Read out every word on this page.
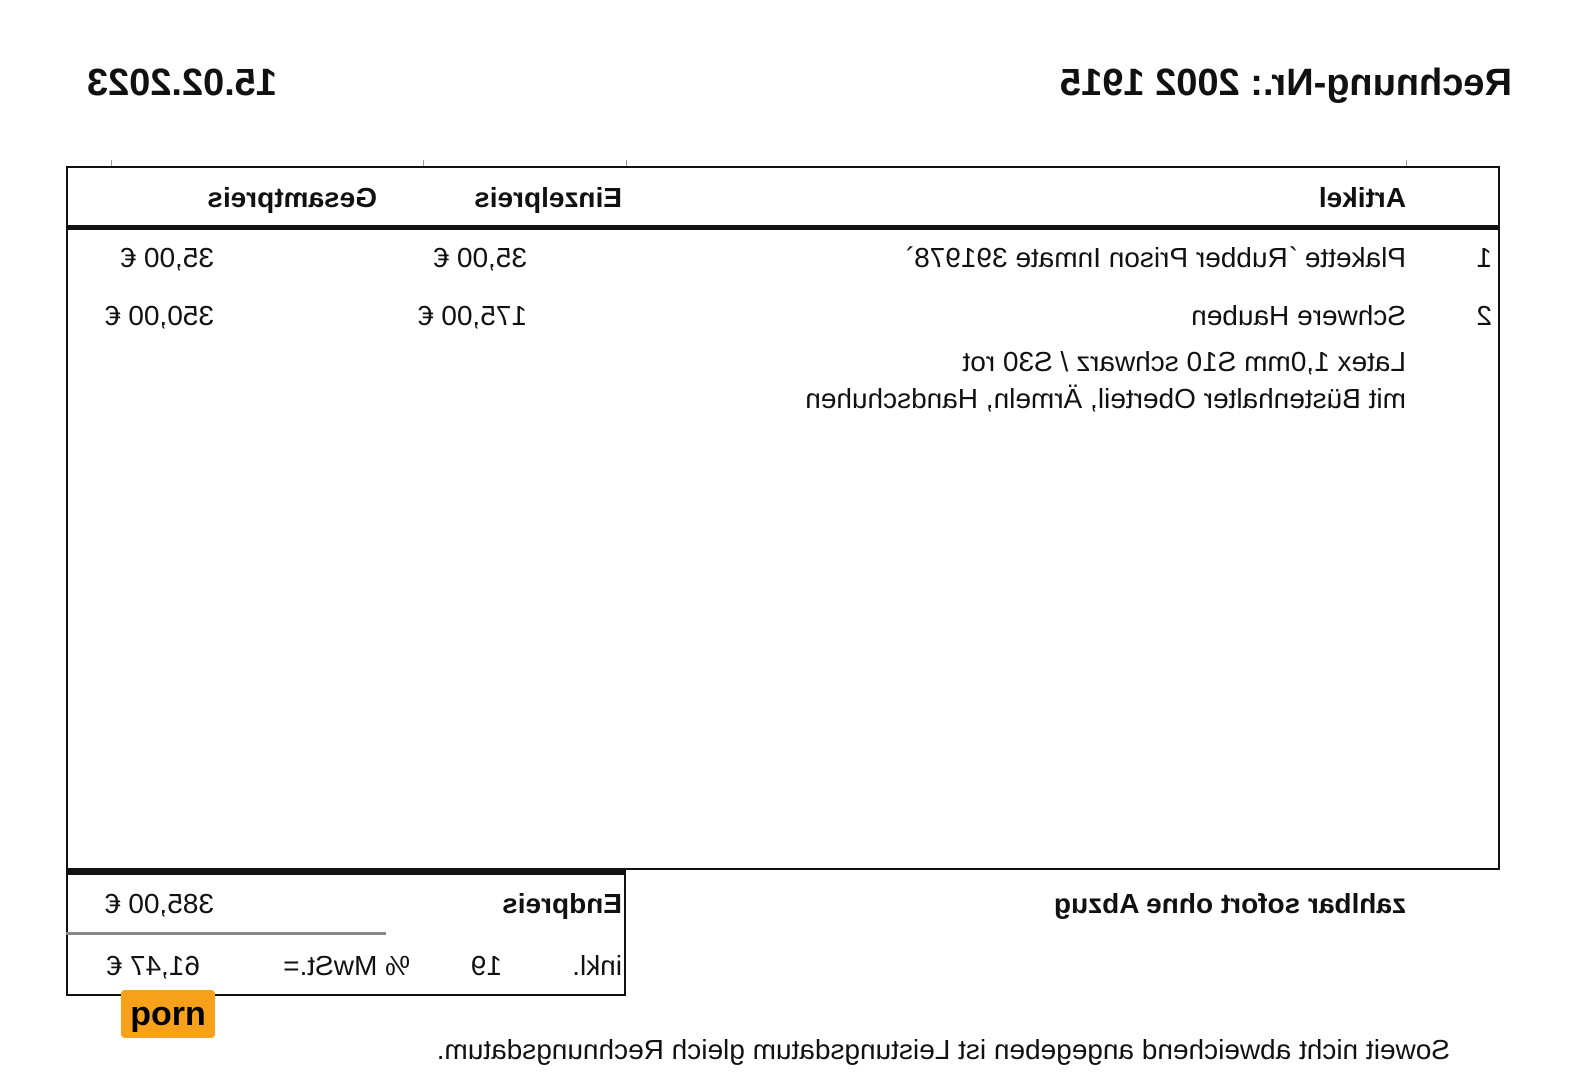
Rechnung-Nr.: 2002 1915
15.02.2023
Artikel
Einzelpreis
Gesamtpreis
1
Plakette ´Rubber Prison Inmate 391978`
35,00 €
35,00 €
2
Schwere Hauben
175,00 €
350,00 €
Latex 1,0mm S10 schwarz / S30 rot
mit Büstenhalter Oberteil, Ärmeln, Handschuhen
zahlbar sofort ohne Abzug
Endpreis
385,00 €
inkl.
19
% MwSt.=
61,47 €
porn
Soweit nicht abweichend angegeben ist Leistungsdatum gleich Rechnungsdatum.
